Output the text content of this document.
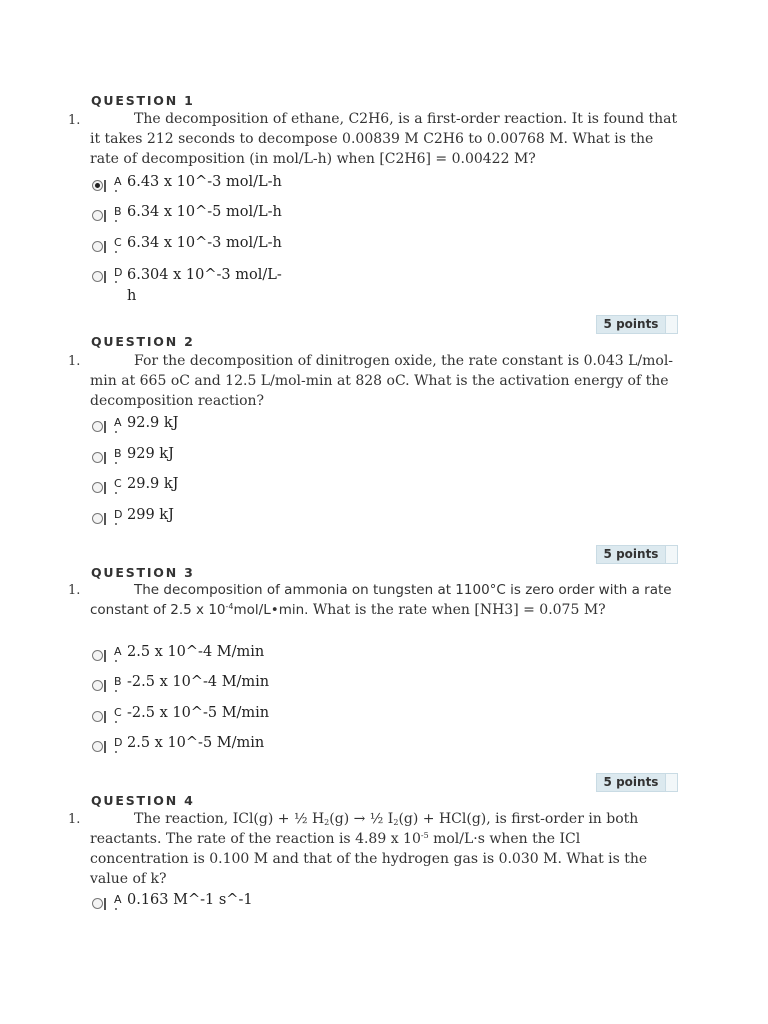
QUESTION 1
1.	The decomposition of ethane, C2H6, is a first-order reaction. It is found that it takes 212 seconds to decompose 0.00839 M C2H6 to 0.00768 M. What is the rate of decomposition (in mol/L-h) when [C2H6] = 0.00422 M?
A 6.43 x 10^-3 mol/L-h
B 6.34 x 10^-5 mol/L-h
C 6.34 x 10^-3 mol/L-h
D 6.304 x 10^-3 mol/L-h
5 points
QUESTION 2
1.	For the decomposition of dinitrogen oxide, the rate constant is 0.043 L/mol-min at 665 oC and 12.5 L/mol-min at 828 oC. What is the activation energy of the decomposition reaction?
A 92.9 kJ
B 929 kJ
C 29.9 kJ
D 299 kJ
5 points
QUESTION 3
1.	The decomposition of ammonia on tungsten at 1100°C is zero order with a rate constant of 2.5 x $10^{-4}mol/L•\min$. What is the rate when [NH3] = 0.075 M?
A 2.5 x 10^-4 M/min
B -2.5 x 10^-4 M/min
C -2.5 x 10^-5 M/min
D 2.5 x 10^-5 M/min
5 points
QUESTION 4
1.	The reaction, ICl(g) + ½ $H_2(g)$ → ½ $I_2(g) + HCl(g)$, is first-order in both reactants. The rate of the reaction is 4.89 x $10^{-5}$ mol/L·s when the ICl concentration is 0.100 M and that of the hydrogen gas is 0.030 M. What is the value of k?
A 0.163 M^-1 s^-1
